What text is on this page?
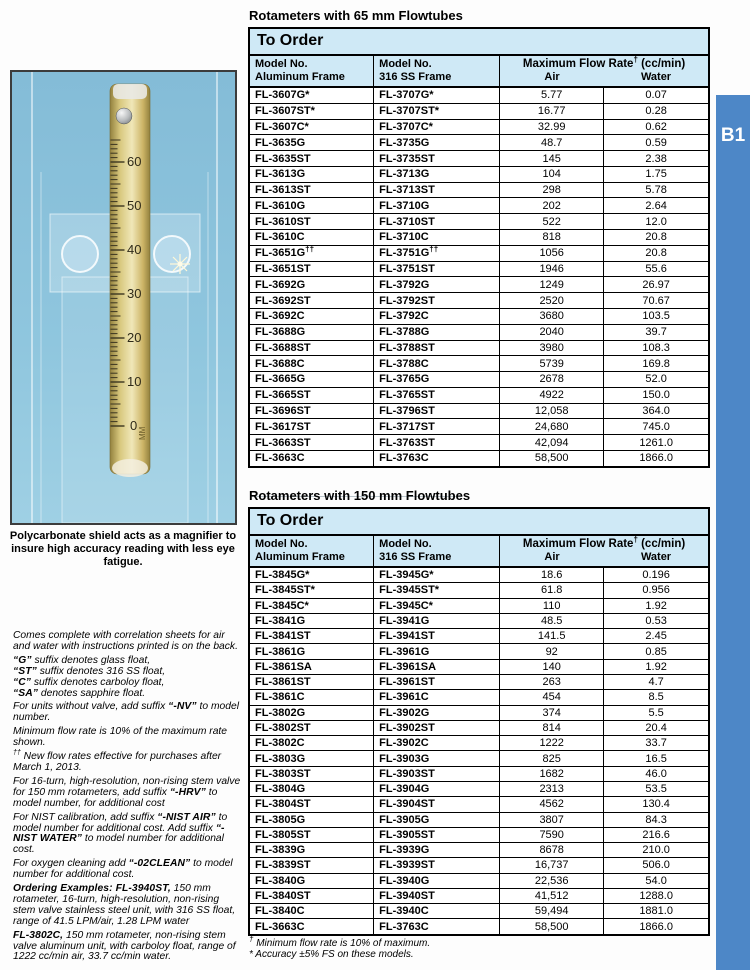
60
50
40
30
20
10
0
MM
Polycarbonate shield acts as a magnifier to insure high accuracy reading with less eye fatigue.

Comes complete with correlation sheets for air and water with instructions printed is on the back.

“G” suffix denotes glass float,
“ST” suffix denotes 316 SS float,
“C” suffix denotes carboloy float,
“SA” denotes sapphire float.

For units without valve, add suffix “-NV” to model number.

Minimum flow rate is 10% of the maximum rate shown.

†† New flow rates effective for purchases after March 1, 2013.

For 16-turn, high-resolution, non-rising stem valve for 150 mm rotameters, add suffix “-HRV” to model number, for additional cost

For NIST calibration, add suffix “-NIST AIR” to model number for additional cost. Add suffix “-NIST WATER” to model number for additional cost.

For oxygen cleaning add “-02CLEAN” to model number for additional cost.

Ordering Examples: FL-3940ST, 150 mm rotameter, 16-turn, high-resolution, non-rising stem valve stainless steel unit, with 316 SS float, range of 41.5 LPM/air, 1.28 LPM water

FL-3802C, 150 mm rotameter, non-rising stem valve aluminum unit, with carboloy float, range of 1222 cc/min air, 33.7 cc/min water.

Rotameters with 65 mm Flowtubes
To Order
Model No.
Aluminum Frame	Model No.
316 SS Frame	
Maximum Flow Rate† (cc/min)
Air	Water

FL-3607G*	FL-3707G*	5.77	0.07
FL-3607ST*	FL-3707ST*	16.77	0.28
FL-3607C*	FL-3707C*	32.99	0.62
FL-3635G	FL-3735G	48.7	0.59
FL-3635ST	FL-3735ST	145	2.38
FL-3613G	FL-3713G	104	1.75
FL-3613ST	FL-3713ST	298	5.78
FL-3610G	FL-3710G	202	2.64
FL-3610ST	FL-3710ST	522	12.0
FL-3610C	FL-3710C	818	20.8
FL-3651G††	FL-3751G††	1056	20.8
FL-3651ST	FL-3751ST	1946	55.6
FL-3692G	FL-3792G	1249	26.97
FL-3692ST	FL-3792ST	2520	70.67
FL-3692C	FL-3792C	3680	103.5
FL-3688G	FL-3788G	2040	39.7
FL-3688ST	FL-3788ST	3980	108.3
FL-3688C	FL-3788C	5739	169.8
FL-3665G	FL-3765G	2678	52.0
FL-3665ST	FL-3765ST	4922	150.0
FL-3696ST	FL-3796ST	12,058	364.0
FL-3617ST	FL-3717ST	24,680	745.0
FL-3663ST	FL-3763ST	42,094	1261.0
FL-3663C	FL-3763C	58,500	1866.0
Rotameters with 150 mm Flowtubes
To Order
Model No.
Aluminum Frame	Model No.
316 SS Frame	
Maximum Flow Rate† (cc/min)
Air	Water

FL-3845G*	FL-3945G*	18.6	0.196
FL-3845ST*	FL-3945ST*	61.8	0.956
FL-3845C*	FL-3945C*	110	1.92
FL-3841G	FL-3941G	48.5	0.53
FL-3841ST	FL-3941ST	141.5	2.45
FL-3861G	FL-3961G	92	0.85
FL-3861SA	FL-3961SA	140	1.92
FL-3861ST	FL-3961ST	263	4.7
FL-3861C	FL-3961C	454	8.5
FL-3802G	FL-3902G	374	5.5
FL-3802ST	FL-3902ST	814	20.4
FL-3802C	FL-3902C	1222	33.7
FL-3803G	FL-3903G	825	16.5
FL-3803ST	FL-3903ST	1682	46.0
FL-3804G	FL-3904G	2313	53.5
FL-3804ST	FL-3904ST	4562	130.4
FL-3805G	FL-3905G	3807	84.3
FL-3805ST	FL-3905ST	7590	216.6
FL-3839G	FL-3939G	8678	210.0
FL-3839ST	FL-3939ST	16,737	506.0
FL-3840G	FL-3940G	22,536	54.0
FL-3840ST	FL-3940ST	41,512	1288.0
FL-3840C	FL-3940C	59,494	1881.0
FL-3663C	FL-3763C	58,500	1866.0
† Minimum flow rate is 10% of maximum.
* Accuracy ±5% FS on these models.
B1
